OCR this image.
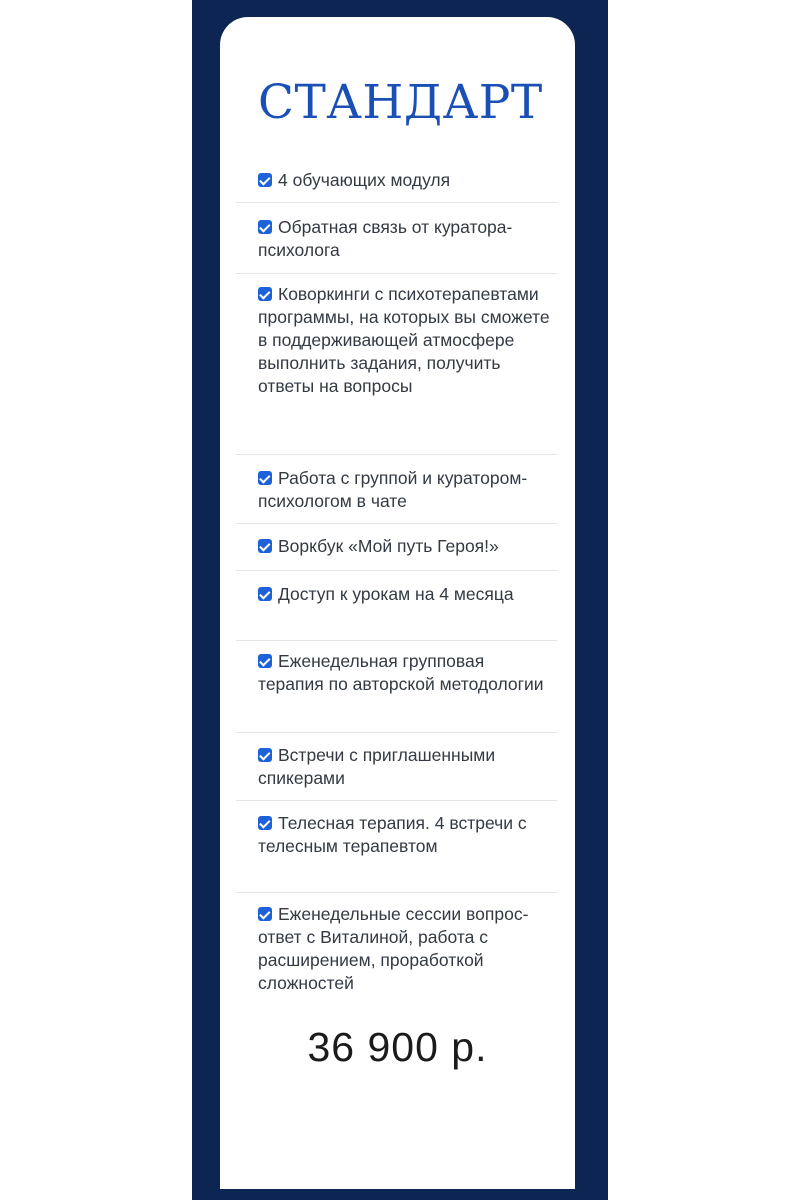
СТАНДАРТ
4 обучающих модуля
Обратная связь от куратора-психолога
Коворкинги с психотерапевтами программы, на которых вы сможете в поддерживающей атмосфере выполнить задания, получить ответы на вопросы
Работа с группой и куратором-психологом в чате
Воркбук «Мой путь Героя!»
Доступ к урокам на 4 месяца
Еженедельная групповая терапия по авторской методологии
Встречи с приглашенными спикерами
Телесная терапия. 4 встречи с телесным терапевтом
Еженедельные сессии вопрос-ответ с Виталиной, работа с расширением, проработкой сложностей

36 900 р.
